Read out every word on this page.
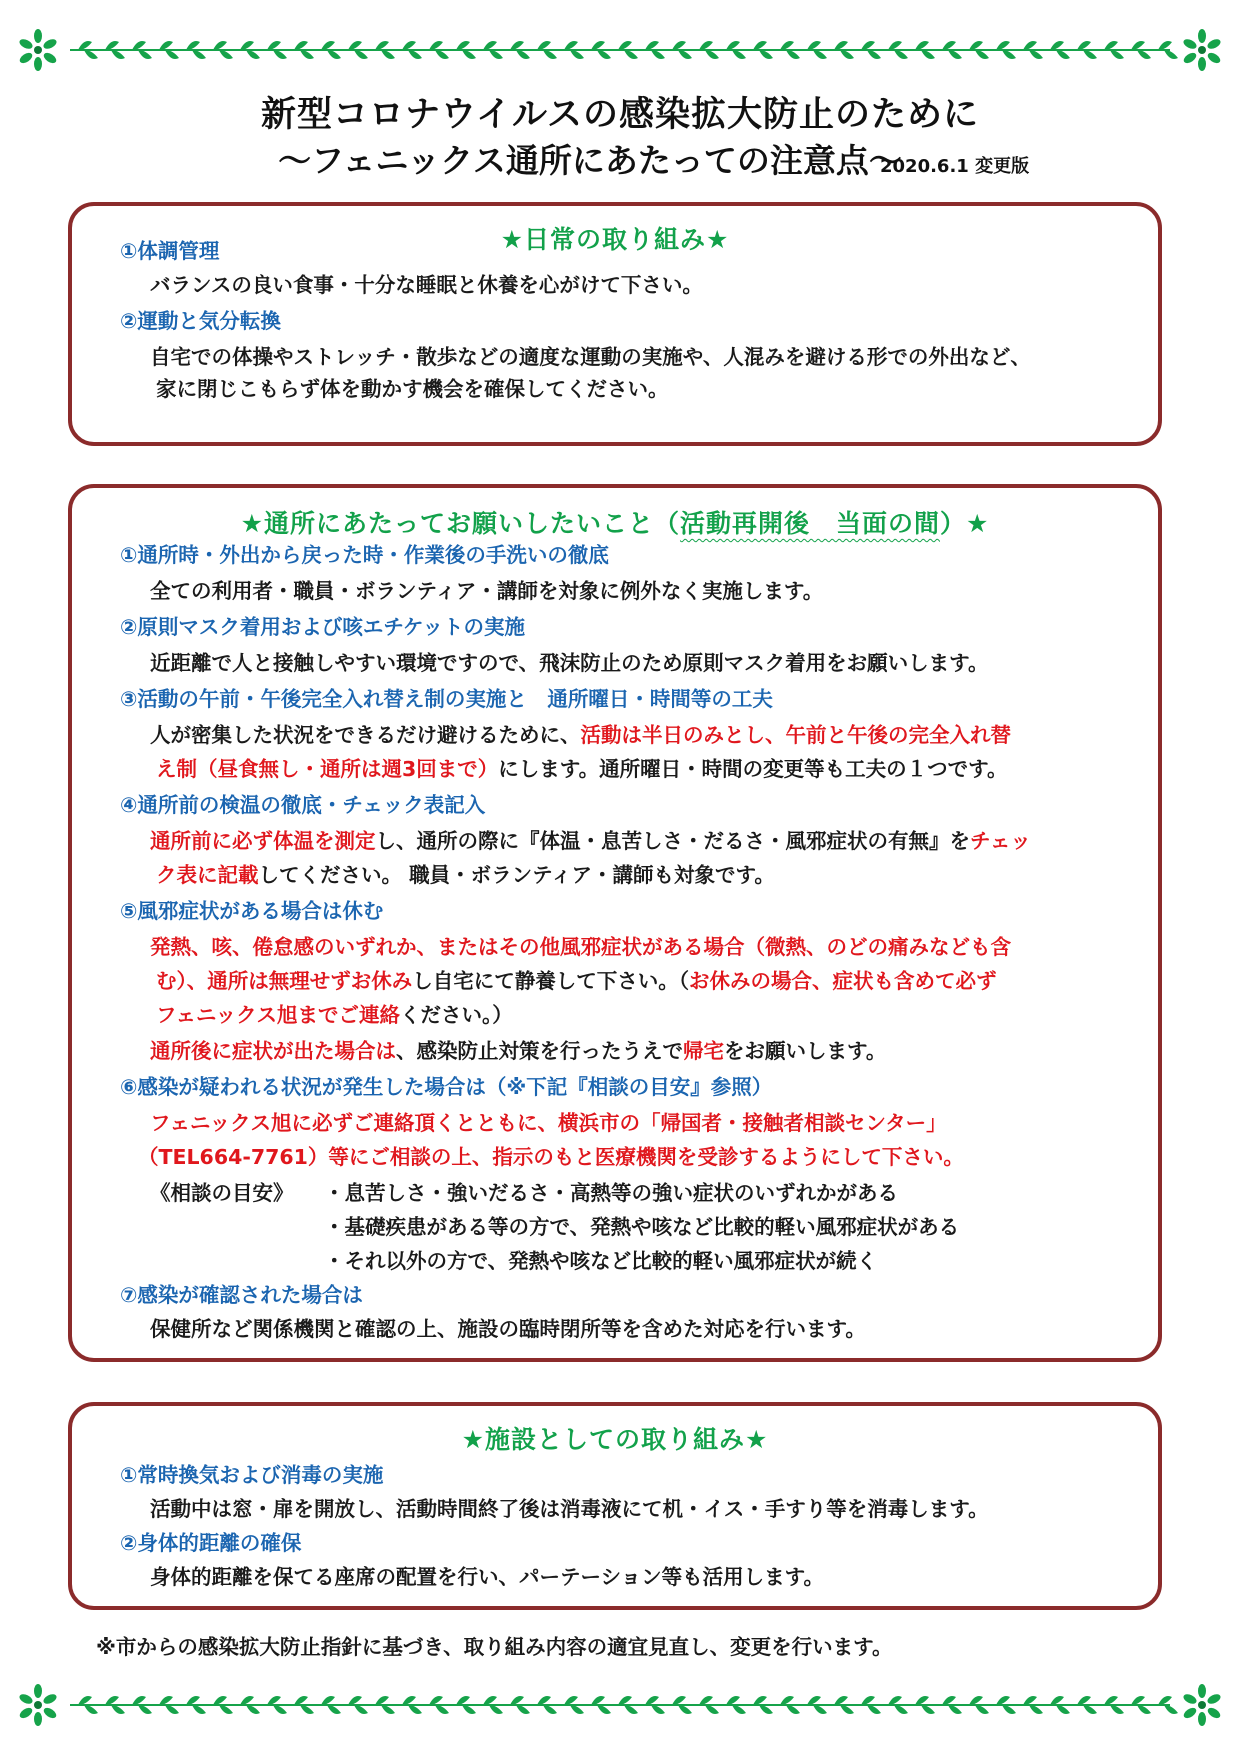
新型コロナウイルスの感染拡大防止のために
～フェニックス通所にあたっての注意点～
2020.6.1 変更版
★日常の取り組み★
①体調管理
バランスの良い食事・十分な睡眠と休養を心がけて下さい。
②運動と気分転換
自宅での体操やストレッチ・散歩などの適度な運動の実施や、人混みを避ける形での外出など、
家に閉じこもらず体を動かす機会を確保してください。
★通所にあたってお願いしたいこと（活動再開後　当面の間）★
①通所時・外出から戻った時・作業後の手洗いの徹底
全ての利用者・職員・ボランティア・講師を対象に例外なく実施します。
②原則マスク着用および咳エチケットの実施
近距離で人と接触しやすい環境ですので、飛沫防止のため原則マスク着用をお願いします。
③活動の午前・午後完全入れ替え制の実施と　通所曜日・時間等の工夫
人が密集した状況をできるだけ避けるために、活動は半日のみとし、午前と午後の完全入れ替
え制（昼食無し・通所は週3回まで）にします。通所曜日・時間の変更等も工夫の１つです。
④通所前の検温の徹底・チェック表記入
通所前に必ず体温を測定し、通所の際に『体温・息苦しさ・だるさ・風邪症状の有無』をチェッ
ク表に記載してください。 職員・ボランティア・講師も対象です。
⑤風邪症状がある場合は休む
発熱、咳、倦怠感のいずれか、またはその他風邪症状がある場合（微熱、のどの痛みなども含
む）、通所は無理せずお休みし自宅にて静養して下さい。（お休みの場合、症状も含めて必ず
フェニックス旭までご連絡ください。）
通所後に症状が出た場合は、感染防止対策を行ったうえで帰宅をお願いします。
⑥感染が疑われる状況が発生した場合は（※下記『相談の目安』参照）
フェニックス旭に必ずご連絡頂くとともに、横浜市の「帰国者・接触者相談センター」
（TEL664-7761）等にご相談の上、指示のもと医療機関を受診するようにして下さい。
《相談の目安》 ・息苦しさ・強いだるさ・高熱等の強い症状のいずれかがある
・基礎疾患がある等の方で、発熱や咳など比較的軽い風邪症状がある
・それ以外の方で、発熱や咳など比較的軽い風邪症状が続く
⑦感染が確認された場合は
保健所など関係機関と確認の上、施設の臨時閉所等を含めた対応を行います。
★施設としての取り組み★
①常時換気および消毒の実施
活動中は窓・扉を開放し、活動時間終了後は消毒液にて机・イス・手すり等を消毒します。
②身体的距離の確保
身体的距離を保てる座席の配置を行い、パーテーション等も活用します。
※市からの感染拡大防止指針に基づき、取り組み内容の適宜見直し、変更を行います。
